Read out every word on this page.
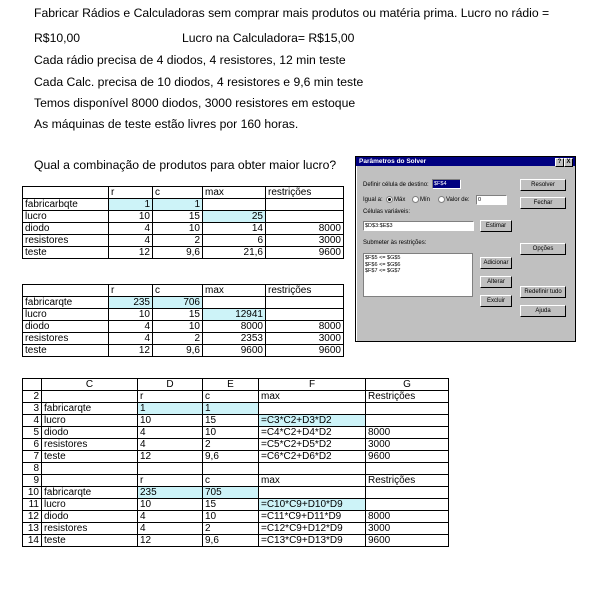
Fabricar Rádios e Calculadoras sem comprar mais produtos ou matéria prima. Lucro no rádio =
R$10,00	Lucro na Calculadora= R$15,00
Cada rádio precisa de 4 diodos, 4 resistores, 12 min teste
Cada Calc. precisa de 10 diodos, 4 resistores e 9,6 min teste
Temos disponível 8000 diodos, 3000 resistores em estoque
As máquinas de teste estão livres por 160 horas.
Qual a combinação de produtos para obter maior lucro?
	r	c	max	restrições
fabricarbqte	1	1		
lucro	10	15	25	
diodo	4	10	14	8000
resistores	4	2	6	3000
teste	12	9,6	21,6	9600
	r	c	max	restrições
fabricarqte	235	706		
lucro	10	15	12941	
diodo	4	10	8000	8000
resistores	4	2	2353	3000
teste	12	9,6	9600	9600
Parâmetros do Solver	? X
Definir célula de destino: $F$4	Resolver
Igual a:	Máx	Mín	Valor de:	0	Fechar
Células variáveis:
$D$3:$E$3	Estimar
Submeter às restrições:
$F$5 <= $G$5
$F$6 <= $G$6
$F$7 <= $G$7
Adicionar
Alterar
Excluir
Opções
Redefinir tudo
Ajuda
	C	D	E	F	G
2		r	c	max	Restrições
3	fabricarqte	1	1		
4	lucro	10	15	=C3*C2+D3*D2	
5	diodo	4	10	=C4*C2+D4*D2	8000
6	resistores	4	2	=C5*C2+D5*D2	3000
7	teste	12	9,6	=C6*C2+D6*D2	9600
8					
9		r	c	max	Restrições
10	fabricarqte	235	705		
11	lucro	10	15	=C10*C9+D10*D9	
12	diodo	4	10	=C11*C9+D11*D9	8000
13	resistores	4	2	=C12*C9+D12*D9	3000
14	teste	12	9,6	=C13*C9+D13*D9	9600
